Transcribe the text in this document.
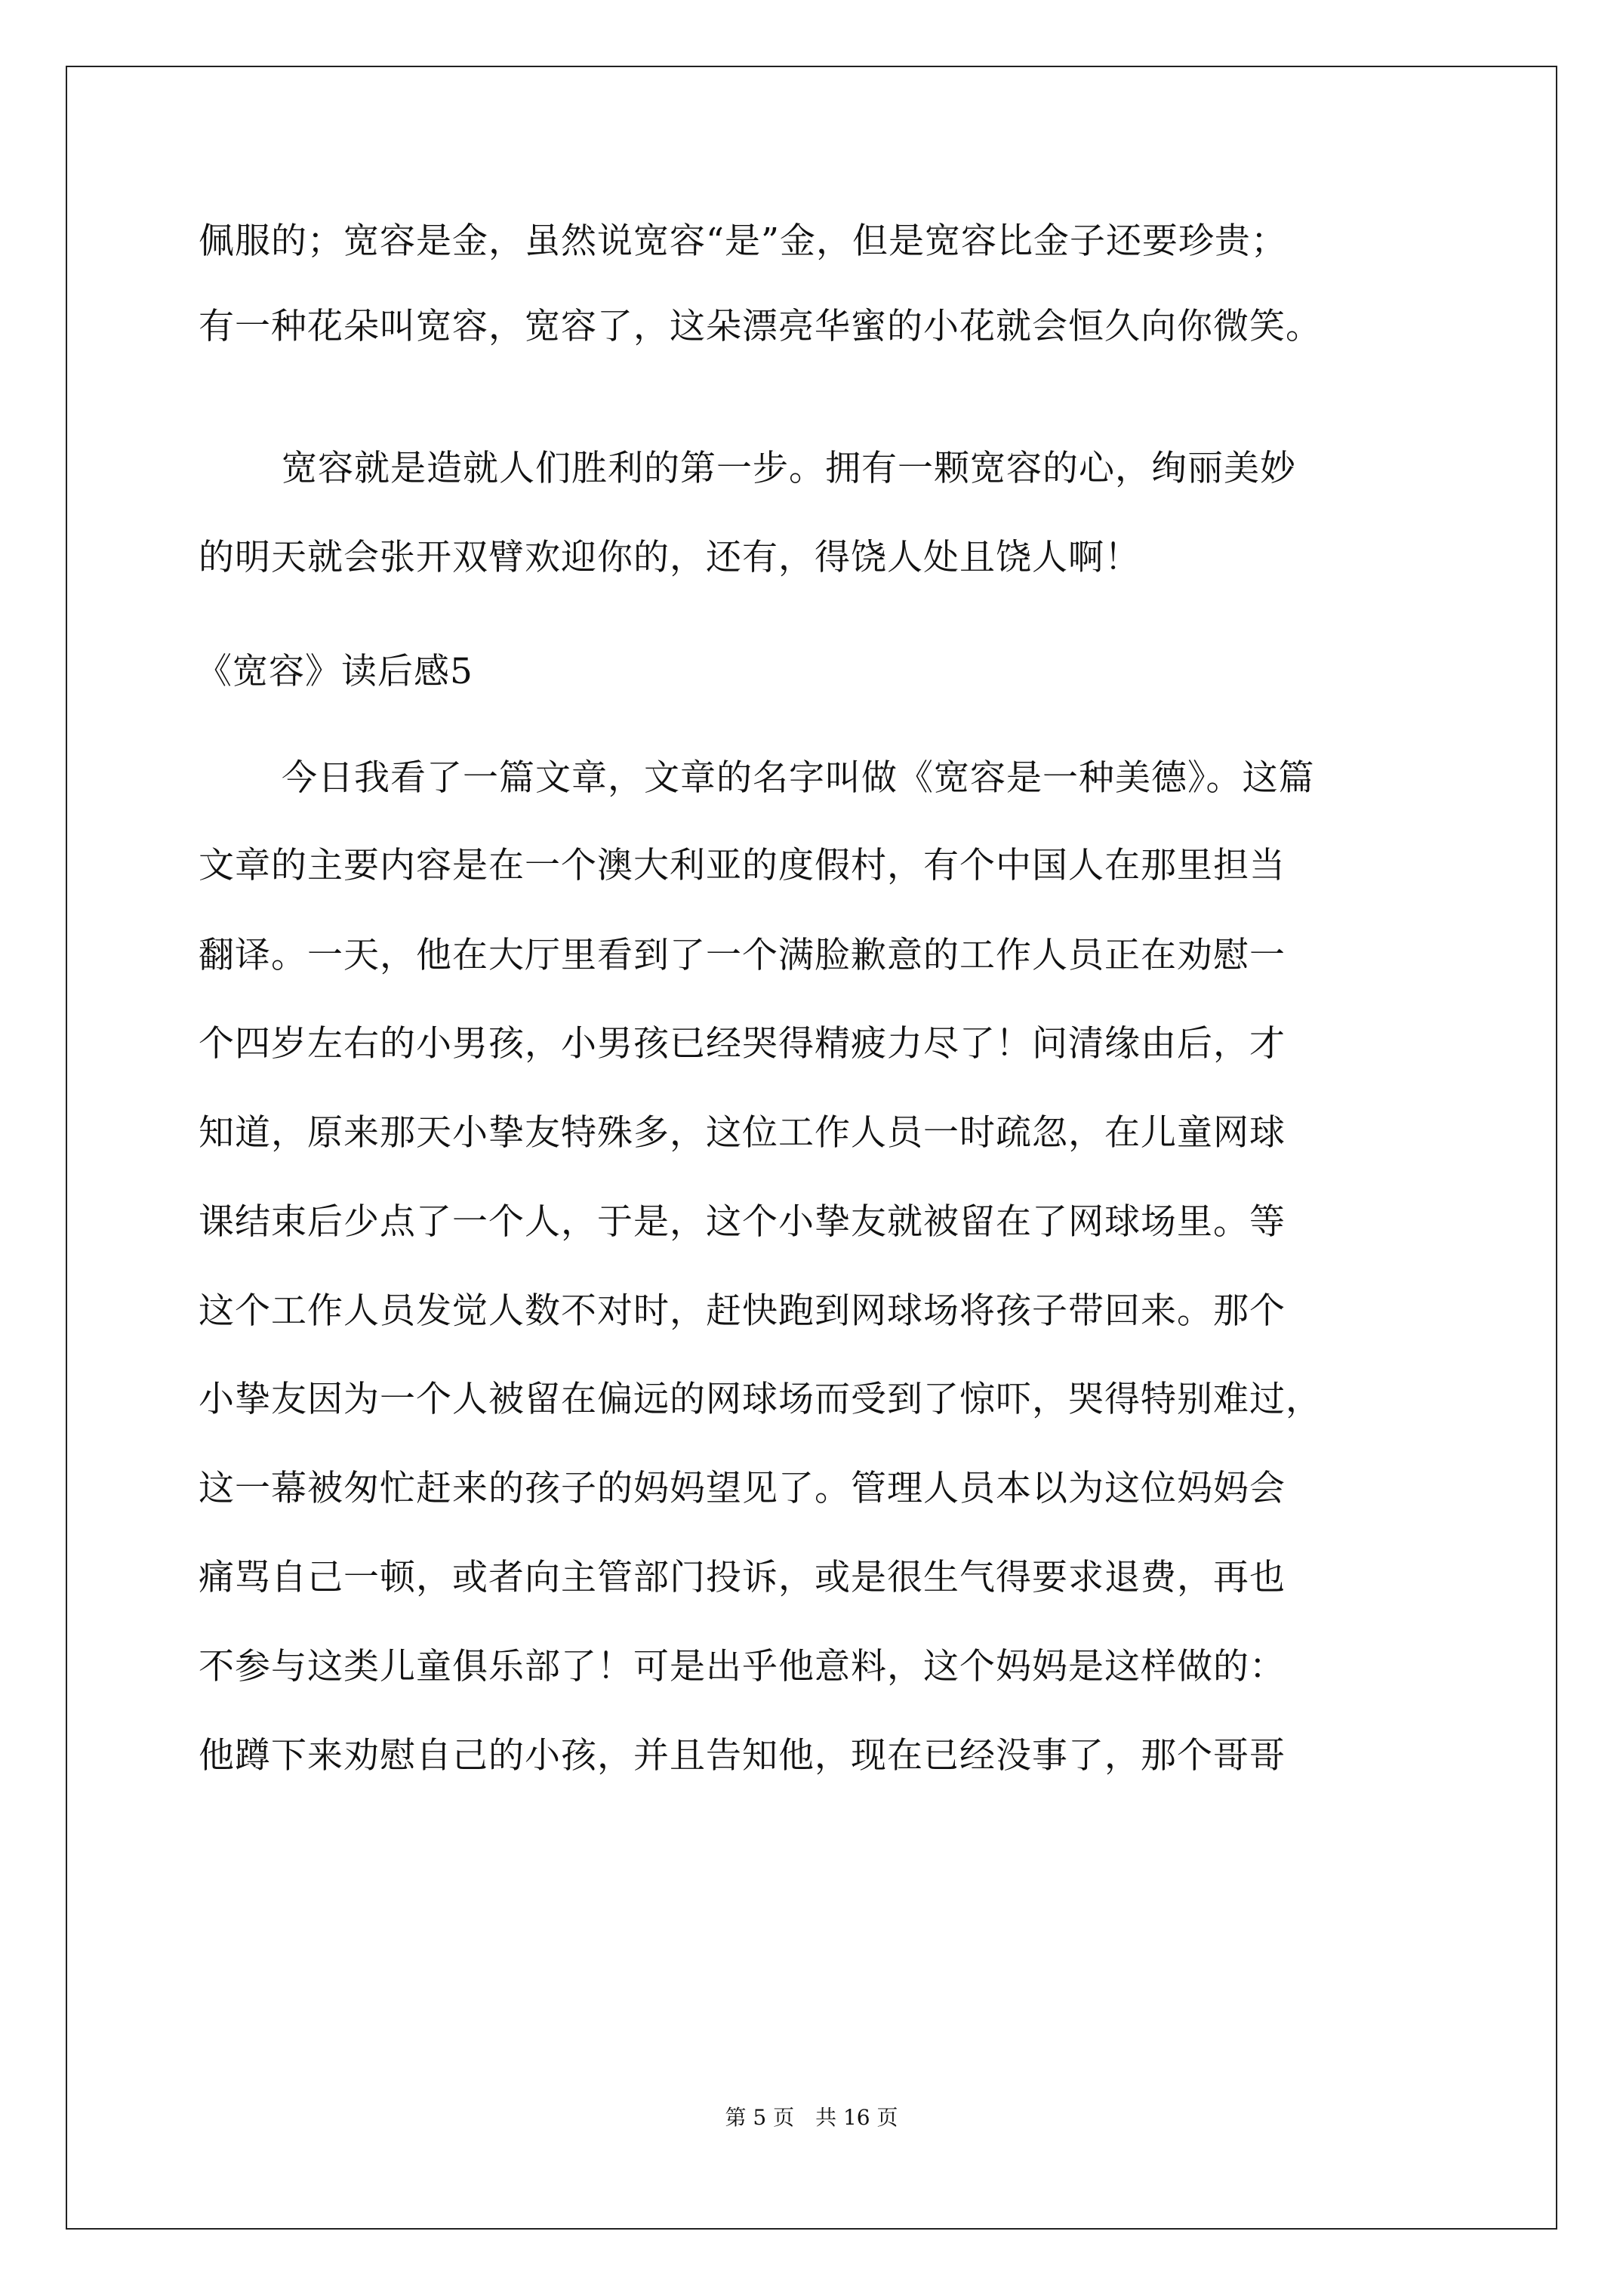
佩服的；宽容是金，虽然说宽容“是”金，但是宽容比金子还要珍贵；
有一种花朵叫宽容，宽容了，这朵漂亮华蜜的小花就会恒久向你微笑。
宽容就是造就人们胜利的第一步。拥有一颗宽容的心，绚丽美妙
的明天就会张开双臂欢迎你的，还有，得饶人处且饶人啊！
《宽容》读后感5
今日我看了一篇文章，文章的名字叫做《宽容是一种美德》。这篇
文章的主要内容是在一个澳大利亚的度假村，有个中国人在那里担当
翻译。一天，他在大厅里看到了一个满脸歉意的工作人员正在劝慰一
个四岁左右的小男孩，小男孩已经哭得精疲力尽了！问清缘由后，才
知道，原来那天小挚友特殊多，这位工作人员一时疏忽，在儿童网球
课结束后少点了一个人，于是，这个小挚友就被留在了网球场里。等
这个工作人员发觉人数不对时，赶快跑到网球场将孩子带回来。那个
小挚友因为一个人被留在偏远的网球场而受到了惊吓，哭得特别难过，
这一幕被匆忙赶来的孩子的妈妈望见了。管理人员本以为这位妈妈会
痛骂自己一顿，或者向主管部门投诉，或是很生气得要求退费，再也
不参与这类儿童俱乐部了！可是出乎他意料，这个妈妈是这样做的：
他蹲下来劝慰自己的小孩，并且告知他，现在已经没事了，那个哥哥
第 5 页　共 16 页
